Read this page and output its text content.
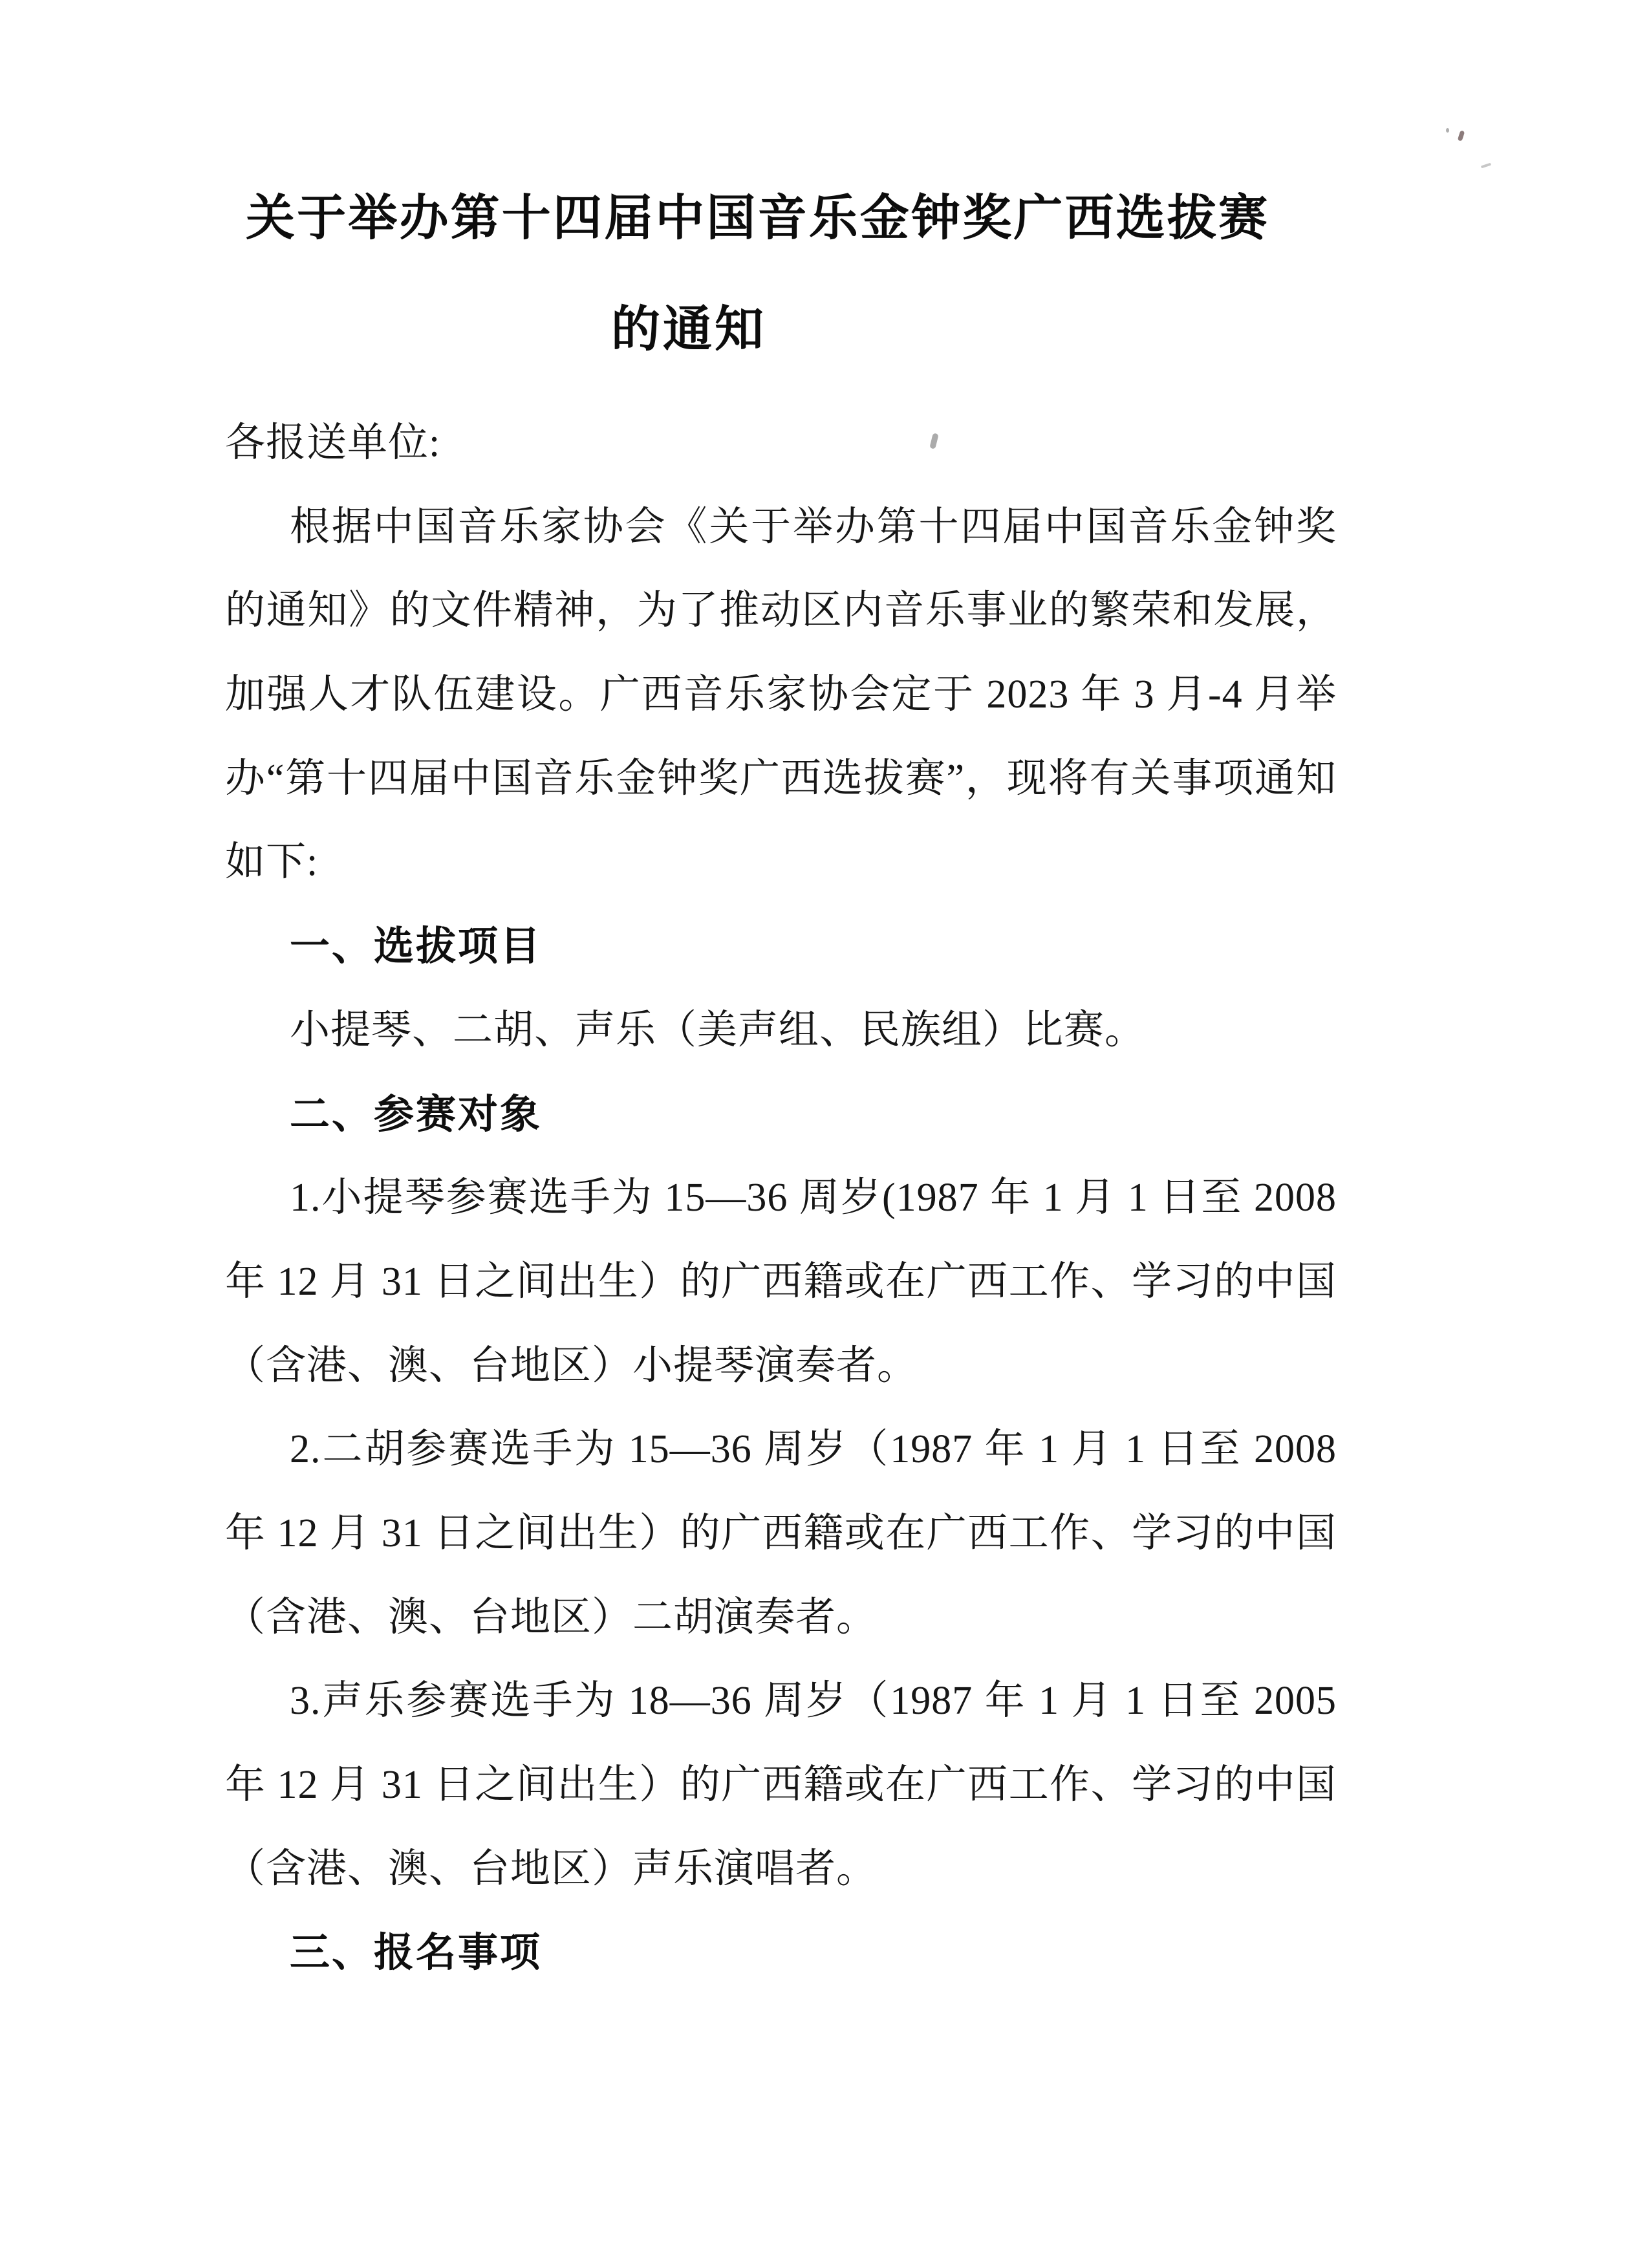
关于举办第十四届中国音乐金钟奖广西选拔赛
的通知
各报送单位:
根据中国音乐家协会《关于举办第十四届中国音乐金钟奖
的通知》的文件精神，为了推动区内音乐事业的繁荣和发展，
加强人才队伍建设。广西音乐家协会定于 2023 年 3 月-4 月举
办“第十四届中国音乐金钟奖广西选拔赛”，现将有关事项通知
如下:
一、选拔项目
小提琴、二胡、声乐（美声组、民族组）比赛。
二、参赛对象
1.小提琴参赛选手为 15—36 周岁(1987 年 1 月 1 日至 2008
年 12 月 31 日之间出生）的广西籍或在广西工作、学习的中国
（含港、澳、台地区）小提琴演奏者。
2.二胡参赛选手为 15—36 周岁（1987 年 1 月 1 日至 2008
年 12 月 31 日之间出生）的广西籍或在广西工作、学习的中国
（含港、澳、台地区）二胡演奏者。
3.声乐参赛选手为 18—36 周岁（1987 年 1 月 1 日至 2005
年 12 月 31 日之间出生）的广西籍或在广西工作、学习的中国
（含港、澳、台地区）声乐演唱者。
三、报名事项
